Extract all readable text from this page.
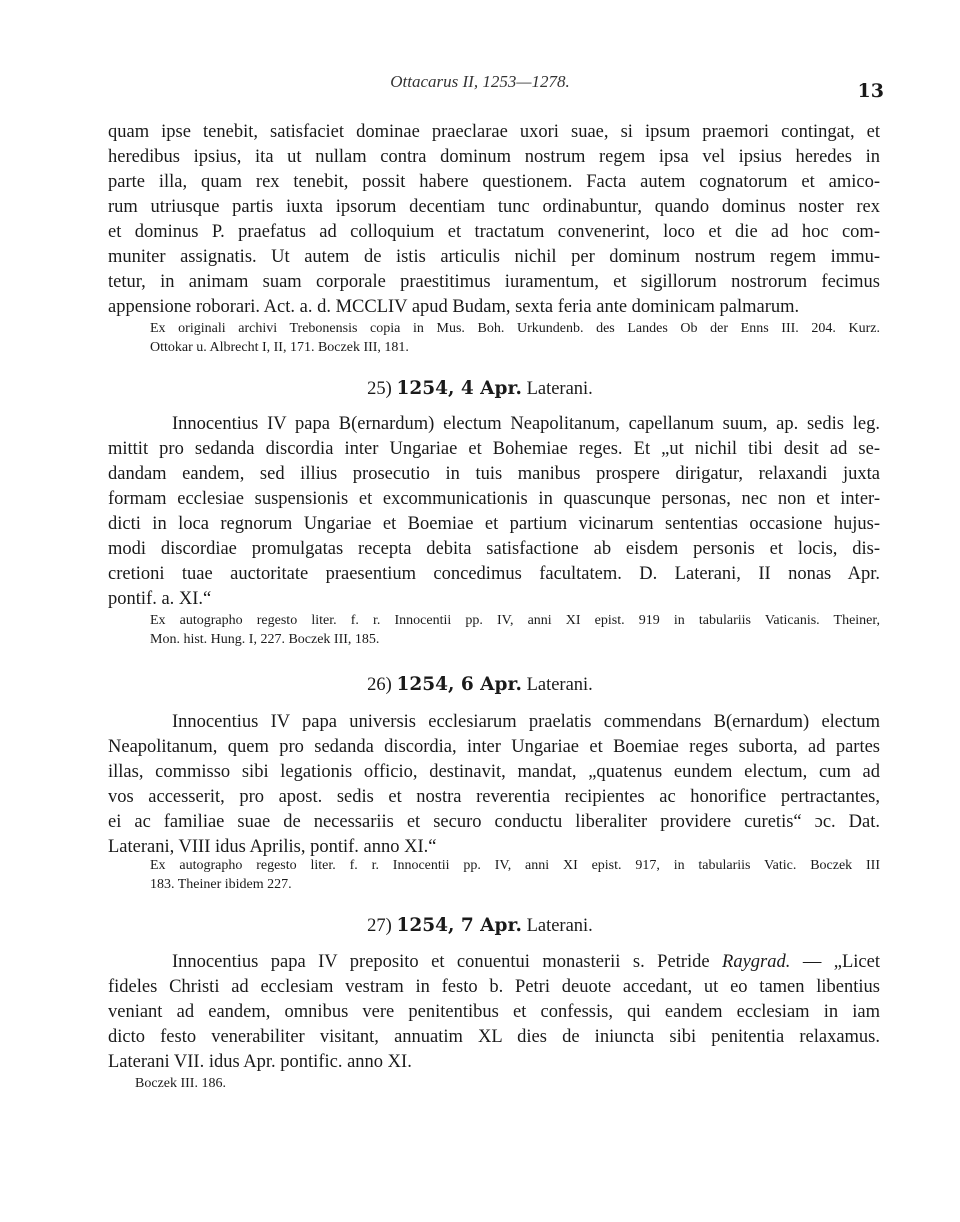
Ottacarus II, 1253—1278.	13
quam ipse tenebit, satisfaciet dominae praeclarae uxori suae, si ipsum praemori contingat, et
heredibus ipsius, ita ut nullam contra dominum nostrum regem ipsa vel ipsius heredes in
parte illa, quam rex tenebit, possit habere questionem. Facta autem cognatorum et amico-
rum utriusque partis iuxta ipsorum decentiam tunc ordinabuntur, quando dominus noster rex
et dominus P. praefatus ad colloquium et tractatum convenerint, loco et die ad hoc com-
muniter assignatis. Ut autem de istis articulis nichil per dominum nostrum regem immu-
tetur, in animam suam corporale praestitimus iuramentum, et sigillorum nostrorum fecimus
appensione roborari. Act. a. d. MCCLIV apud Budam, sexta feria ante dominicam palmarum.
Ex originali archivi Trebonensis copia in Mus. Boh. Urkundenb. des Landes Ob der Enns III. 204. Kurz.
Ottokar u. Albrecht I, II, 171. Boczek III, 181.
25) 1254, 4 Apr. Laterani.
Innocentius IV papa B(ernardum) electum Neapolitanum, capellanum suum, ap. sedis leg.
mittit pro sedanda discordia inter Ungariae et Bohemiae reges. Et „ut nichil tibi desit ad se-
dandam eandem, sed illius prosecutio in tuis manibus prospere dirigatur, relaxandi juxta
formam ecclesiae suspensionis et excommunicationis in quascunque personas, nec non et inter-
dicti in loca regnorum Ungariae et Boemiae et partium vicinarum sententias occasione hujus-
modi discordiae promulgatas recepta debita satisfactione ab eisdem personis et locis, dis-
cretioni tuae auctoritate praesentium concedimus facultatem. D. Laterani, II nonas Apr.
pontif. a. XI.“
Ex autographo regesto liter. f. r. Innocentii pp. IV, anni XI epist. 919 in tabulariis Vaticanis. Theiner,
Mon. hist. Hung. I, 227. Boczek III, 185.
26) 1254, 6 Apr. Laterani.
Innocentius IV papa universis ecclesiarum praelatis commendans B(ernardum) electum
Neapolitanum, quem pro sedanda discordia, inter Ungariae et Boemiae reges suborta, ad partes
illas, commisso sibi legationis officio, destinavit, mandat, „quatenus eundem electum, cum ad
vos accesserit, pro apost. sedis et nostra reverentia recipientes ac honorifice pertractantes,
ei ac familiae suae de necessariis et securo conductu liberaliter providere curetis“ ɔc. Dat.
Laterani, VIII idus Aprilis, pontif. anno XI.“
Ex autographo regesto liter. f. r. Innocentii pp. IV, anni XI epist. 917, in tabulariis Vatic. Boczek III
183. Theiner ibidem 227.
27) 1254, 7 Apr. Laterani.
Innocentius papa IV preposito et conuentui monasterii s. Petride Raygrad. — „Licet
fideles Christi ad ecclesiam vestram in festo b. Petri deuote accedant, ut eo tamen libentius
veniant ad eandem, omnibus vere penitentibus et confessis, qui eandem ecclesiam in iam
dicto festo venerabiliter visitant, annuatim XL dies de iniuncta sibi penitentia relaxamus.
Laterani VII. idus Apr. pontific. anno XI.
Boczek III. 186.
